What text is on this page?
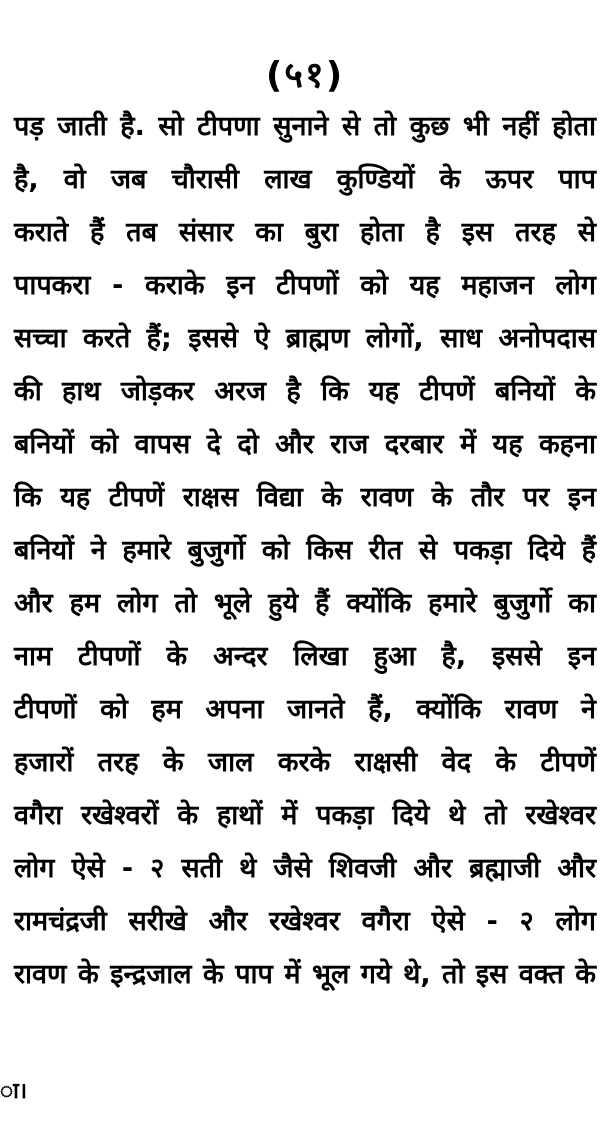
(५१)
पड़ जाती है. सो टीपणा सुनाने से तो कुछ भी नहीं होता
है, वो जब चौरासी लाख कुण्डियों के ऊपर पाप
कराते हैं तब संसार का बुरा होता है इस तरह से
पापकरा - कराके इन टीपणों को यह महाजन लोग
सच्चा करते हैं; इससे ऐ ब्राह्मण लोगों, साध अनोपदास
की हाथ जोड़कर अरज है कि यह टीपणें बनियों के
बनियों को वापस दे दो और राज दरबार में यह कहना
कि यह टीपणें राक्षस विद्या के रावण के तौर पर इन
बनियों ने हमारे बुजुर्गो को किस रीत से पकड़ा दिये हैं
और हम लोग तो भूले हुये हैं क्योंकि हमारे बुजुर्गो का
नाम टीपणों के अन्दर लिखा हुआ है, इससे इन
टीपणों को हम अपना जानते हैं, क्योंकि रावण ने
हजारों तरह के जाल करके राक्षसी वेद के टीपणें
वगैरा रखेश्वरों के हाथों में पकड़ा दिये थे तो रखेश्वर
लोग ऐसे - २ सती थे जैसे शिवजी और ब्रह्माजी और
रामचंद्रजी सरीखे और रखेश्वर वगैरा ऐसे - २ लोग
रावण के इन्द्रजाल के पाप में भूल गये थे, तो इस वक्त के
ा।
